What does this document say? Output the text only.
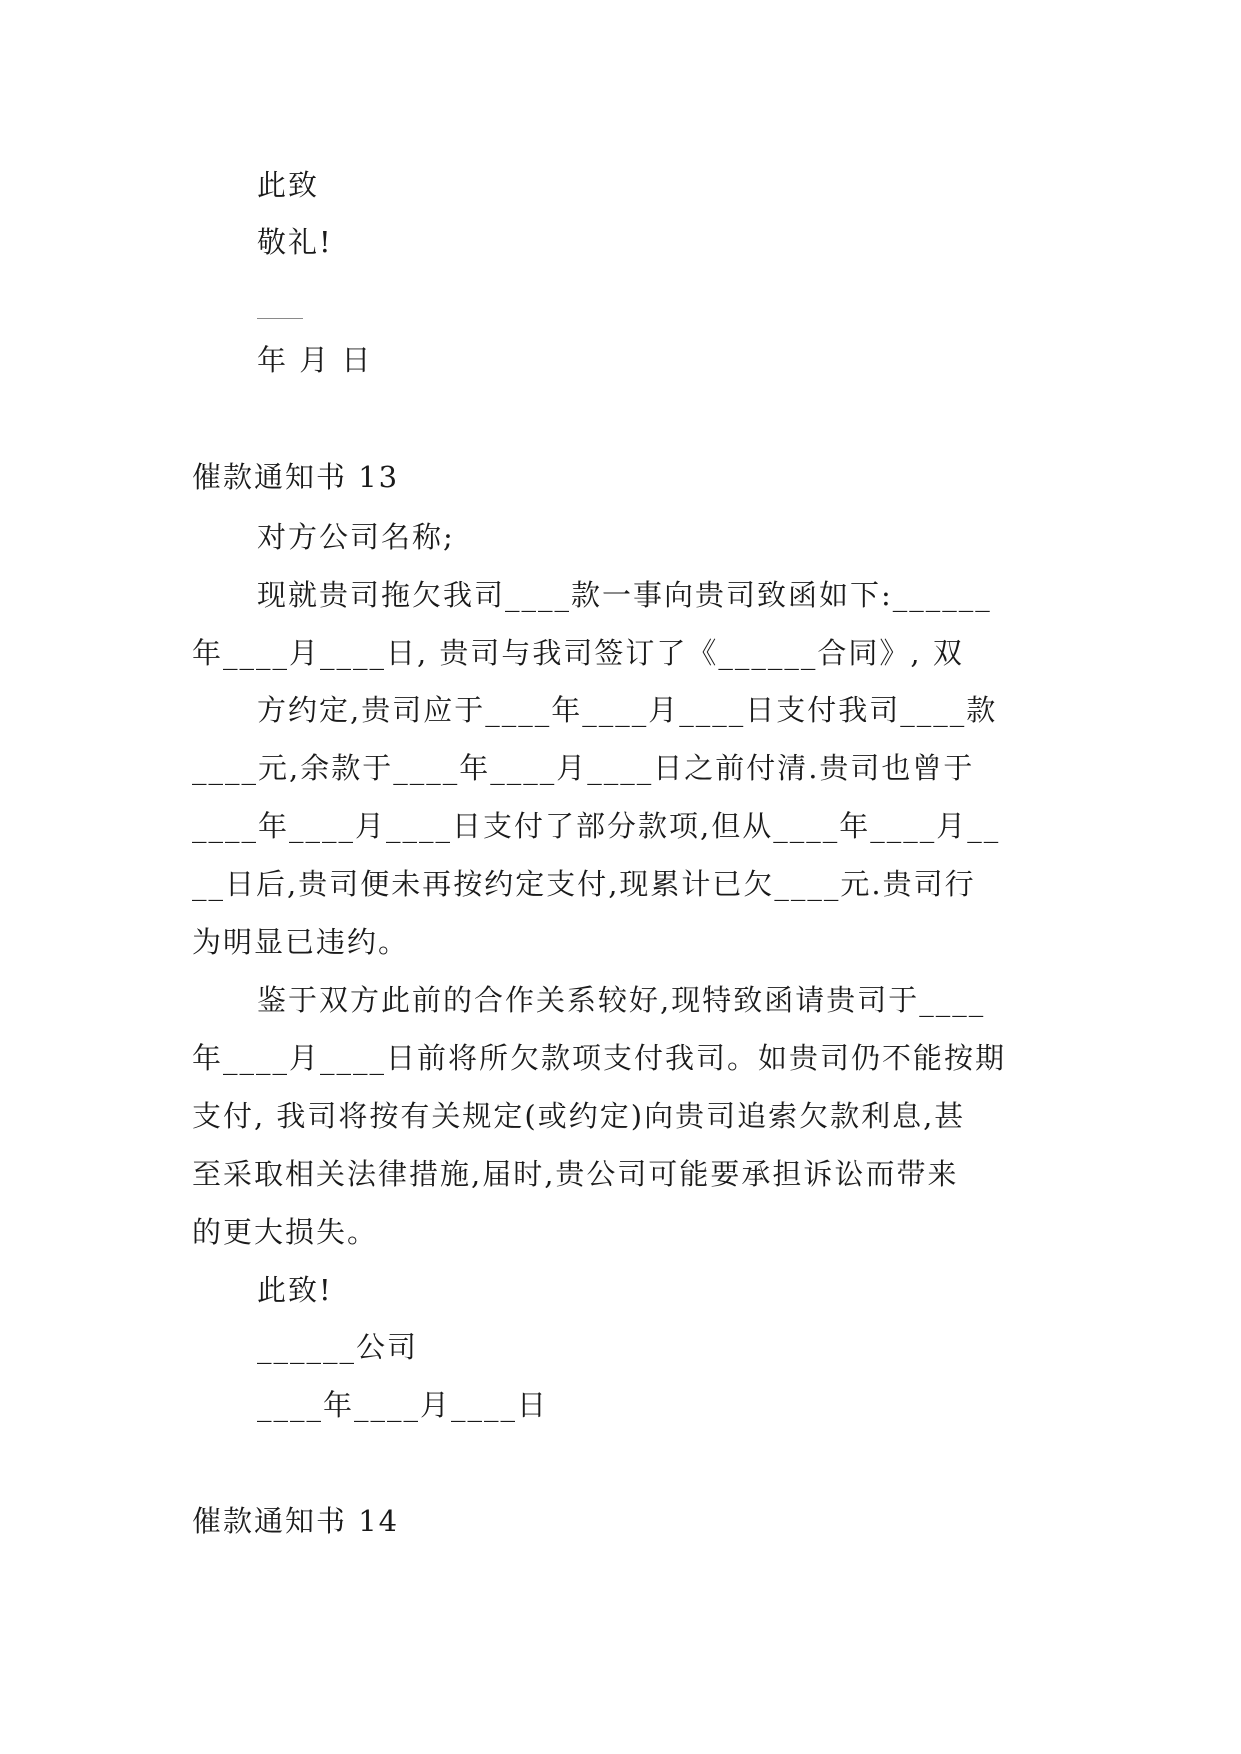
此致

敬礼!

年 月 日

催款通知书 13

对方公司名称;

现就贵司拖欠我司____款一事向贵司致函如下:______

年____月____日, 贵司与我司签订了《______合同》, 双

方约定,贵司应于____年____月____日支付我司____款

____元,余款于____年____月____日之前付清.贵司也曾于

____年____月____日支付了部分款项,但从____年____月__

__日后,贵司便未再按约定支付,现累计已欠____元.贵司行

为明显已违约。

鉴于双方此前的合作关系较好,现特致函请贵司于____

年____月____日前将所欠款项支付我司。如贵司仍不能按期

支付, 我司将按有关规定(或约定)向贵司追索欠款利息,甚

至采取相关法律措施,届时,贵公司可能要承担诉讼而带来

的更大损失。

此致!

______公司

____年____月____日

催款通知书 14
